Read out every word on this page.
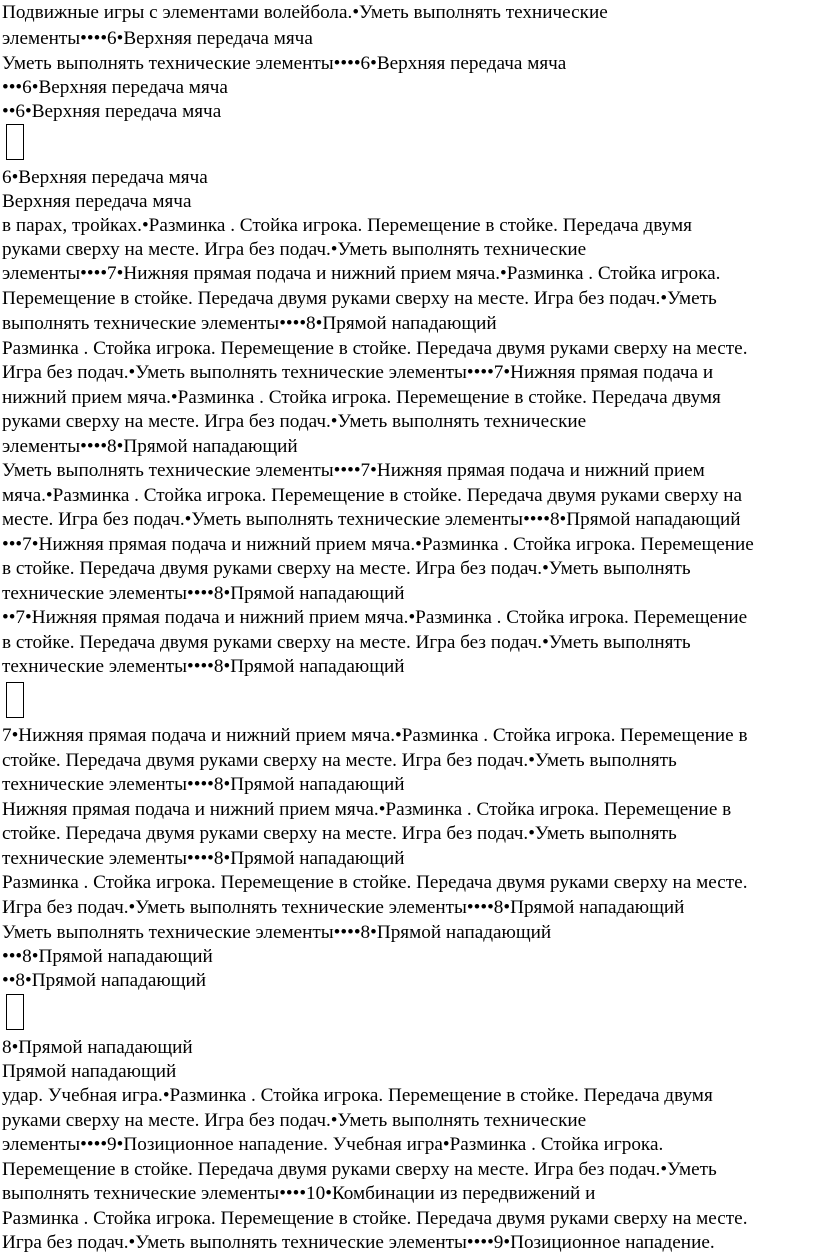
Подвижные игры с элементами волейбола.•Уметь выполнять технические
элементы••••6•Верхняя передача мяча
Уметь выполнять технические элементы••••6•Верхняя передача мяча
•••6•Верхняя передача мяча
••6•Верхняя передача мяча
6•Верхняя передача мяча
Верхняя передача мяча
в парах, тройках.•Разминка . Стойка игрока. Перемещение в стойке. Передача двумя
руками сверху на месте. Игра без подач.•Уметь выполнять технические
элементы••••7•Нижняя прямая подача и нижний прием мяча.•Разминка . Стойка игрока.
Перемещение в стойке. Передача двумя руками сверху на месте. Игра без подач.•Уметь
выполнять технические элементы••••8•Прямой нападающий
Разминка . Стойка игрока. Перемещение в стойке. Передача двумя руками сверху на месте.
Игра без подач.•Уметь выполнять технические элементы••••7•Нижняя прямая подача и
нижний прием мяча.•Разминка . Стойка игрока. Перемещение в стойке. Передача двумя
руками сверху на месте. Игра без подач.•Уметь выполнять технические
элементы••••8•Прямой нападающий
Уметь выполнять технические элементы••••7•Нижняя прямая подача и нижний прием
мяча.•Разминка . Стойка игрока. Перемещение в стойке. Передача двумя руками сверху на
месте. Игра без подач.•Уметь выполнять технические элементы••••8•Прямой нападающий
•••7•Нижняя прямая подача и нижний прием мяча.•Разминка . Стойка игрока. Перемещение
в стойке. Передача двумя руками сверху на месте. Игра без подач.•Уметь выполнять
технические элементы••••8•Прямой нападающий
••7•Нижняя прямая подача и нижний прием мяча.•Разминка . Стойка игрока. Перемещение
в стойке. Передача двумя руками сверху на месте. Игра без подач.•Уметь выполнять
технические элементы••••8•Прямой нападающий
7•Нижняя прямая подача и нижний прием мяча.•Разминка . Стойка игрока. Перемещение в
стойке. Передача двумя руками сверху на месте. Игра без подач.•Уметь выполнять
технические элементы••••8•Прямой нападающий
Нижняя прямая подача и нижний прием мяча.•Разминка . Стойка игрока. Перемещение в
стойке. Передача двумя руками сверху на месте. Игра без подач.•Уметь выполнять
технические элементы••••8•Прямой нападающий
Разминка . Стойка игрока. Перемещение в стойке. Передача двумя руками сверху на месте.
Игра без подач.•Уметь выполнять технические элементы••••8•Прямой нападающий
Уметь выполнять технические элементы••••8•Прямой нападающий
•••8•Прямой нападающий
••8•Прямой нападающий
8•Прямой нападающий
Прямой нападающий
удар. Учебная игра.•Разминка . Стойка игрока. Перемещение в стойке. Передача двумя
руками сверху на месте. Игра без подач.•Уметь выполнять технические
элементы••••9•Позиционное нападение. Учебная игра•Разминка . Стойка игрока.
Перемещение в стойке. Передача двумя руками сверху на месте. Игра без подач.•Уметь
выполнять технические элементы••••10•Комбинации из передвижений и
Разминка . Стойка игрока. Перемещение в стойке. Передача двумя руками сверху на месте.
Игра без подач.•Уметь выполнять технические элементы••••9•Позиционное нападение.
